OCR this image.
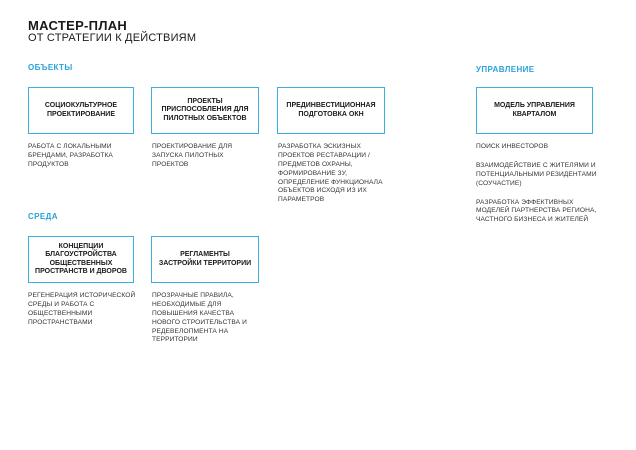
МАСТЕР-ПЛАН
ОТ СТРАТЕГИИ К ДЕЙСТВИЯМ
ОБЪЕКТЫ	УПРАВЛЕНИЕ
СРЕДА
СОЦИОКУЛЬТУРНОЕ ПРОЕКТИРОВАНИЕ
РАБОТА С ЛОКАЛЬНЫМИ БРЕНДАМИ, РАЗРАБОТКА ПРОДУКТОВ
ПРОЕКТЫ ПРИСПОСОБЛЕНИЯ ДЛЯ ПИЛОТНЫХ ОБЪЕКТОВ
ПРОЕКТИРОВАНИЕ ДЛЯ ЗАПУСКА ПИЛОТНЫХ ПРОЕКТОВ
ПРЕДИНВЕСТИЦИОННАЯ ПОДГОТОВКА ОКН
РАЗРАБОТКА ЭСКИЗНЫХ ПРОЕКТОВ РЕСТАВРАЦИИ / ПРЕДМЕТОВ ОХРАНЫ, ФОРМИРОВАНИЕ ЗУ, ОПРЕДЕЛЕНИЕ ФУНКЦИОНАЛА ОБЪЕКТОВ ИСХОДЯ ИЗ ИХ ПАРАМЕТРОВ
МОДЕЛЬ УПРАВЛЕНИЯ КВАРТАЛОМ

ПОИСК ИНВЕСТОРОВ

ВЗАИМОДЕЙСТВИЕ С ЖИТЕЛЯМИ И ПОТЕНЦИАЛЬНЫМИ РЕЗИДЕНТАМИ (СОУЧАСТИЕ)

РАЗРАБОТКА ЭФФЕКТИВНЫХ МОДЕЛЕЙ ПАРТНЕРСТВА РЕГИОНА, ЧАСТНОГО БИЗНЕСА И ЖИТЕЛЕЙ

КОНЦЕПЦИИ БЛАГОУСТРОЙСТВА ОБЩЕСТВЕННЫХ ПРОСТРАНСТВ И ДВОРОВ
РЕГЕНЕРАЦИЯ ИСТОРИЧЕСКОЙ СРЕДЫ И РАБОТА С ОБЩЕСТВЕННЫМИ ПРОСТРАНСТВАМИ
РЕГЛАМЕНТЫ ЗАСТРОЙКИ ТЕРРИТОРИИ
ПРОЗРАЧНЫЕ ПРАВИЛА, НЕОБХОДИМЫЕ ДЛЯ ПОВЫШЕНИЯ КАЧЕСТВА НОВОГО СТРОИТЕЛЬСТВА И РЕДЕВЕЛОПМЕНТА НА ТЕРРИТОРИИ
